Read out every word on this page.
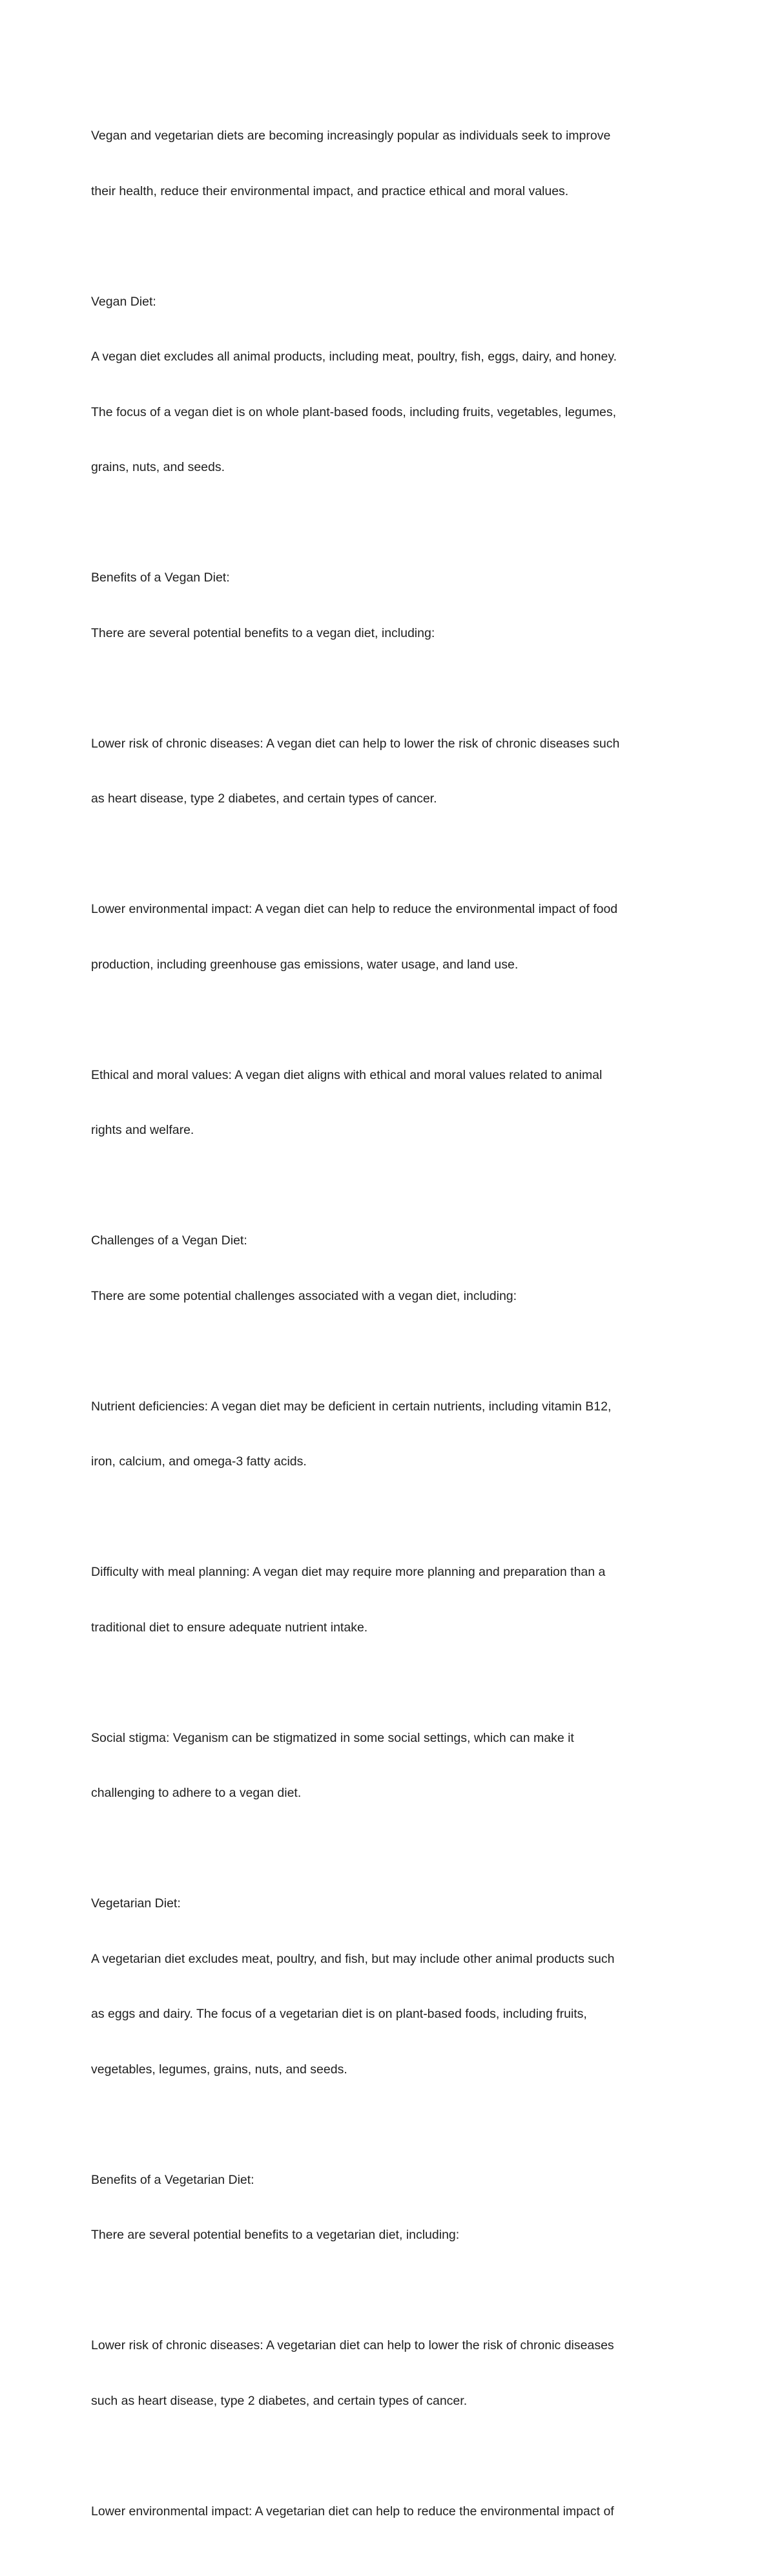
Vegan and vegetarian diets are becoming increasingly popular as individuals seek to improve

their health, reduce their environmental impact, and practice ethical and moral values.

Vegan Diet:

A vegan diet excludes all animal products, including meat, poultry, fish, eggs, dairy, and honey.

The focus of a vegan diet is on whole plant-based foods, including fruits, vegetables, legumes,

grains, nuts, and seeds.

Benefits of a Vegan Diet:

There are several potential benefits to a vegan diet, including:

Lower risk of chronic diseases: A vegan diet can help to lower the risk of chronic diseases such

as heart disease, type 2 diabetes, and certain types of cancer.

Lower environmental impact: A vegan diet can help to reduce the environmental impact of food

production, including greenhouse gas emissions, water usage, and land use.

Ethical and moral values: A vegan diet aligns with ethical and moral values related to animal

rights and welfare.

Challenges of a Vegan Diet:

There are some potential challenges associated with a vegan diet, including:

Nutrient deficiencies: A vegan diet may be deficient in certain nutrients, including vitamin B12,

iron, calcium, and omega-3 fatty acids.

Difficulty with meal planning: A vegan diet may require more planning and preparation than a

traditional diet to ensure adequate nutrient intake.

Social stigma: Veganism can be stigmatized in some social settings, which can make it

challenging to adhere to a vegan diet.

Vegetarian Diet:

A vegetarian diet excludes meat, poultry, and fish, but may include other animal products such

as eggs and dairy. The focus of a vegetarian diet is on plant-based foods, including fruits,

vegetables, legumes, grains, nuts, and seeds.

Benefits of a Vegetarian Diet:

There are several potential benefits to a vegetarian diet, including:

Lower risk of chronic diseases: A vegetarian diet can help to lower the risk of chronic diseases

such as heart disease, type 2 diabetes, and certain types of cancer.

Lower environmental impact: A vegetarian diet can help to reduce the environmental impact of
